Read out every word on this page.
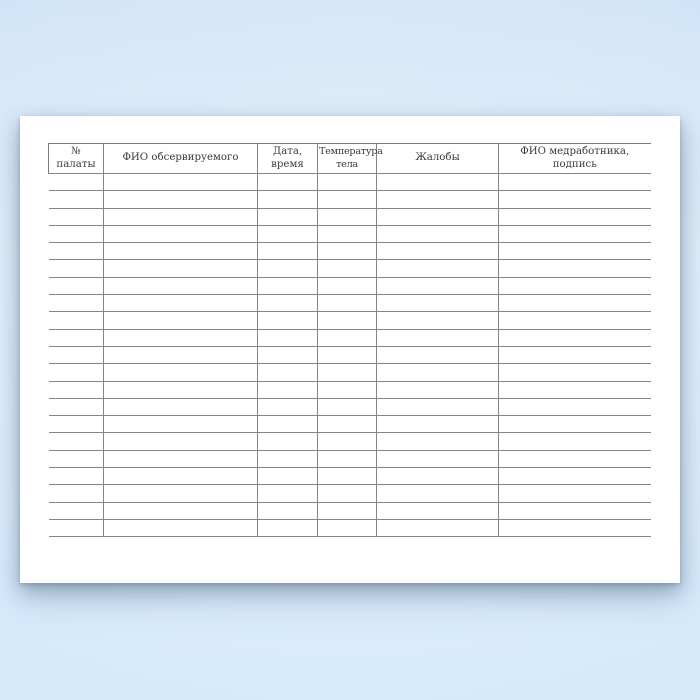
№ палаты	ФИО обсервируемого	Дата, время	Температура тела	Жалобы	ФИО медработника, подпись
